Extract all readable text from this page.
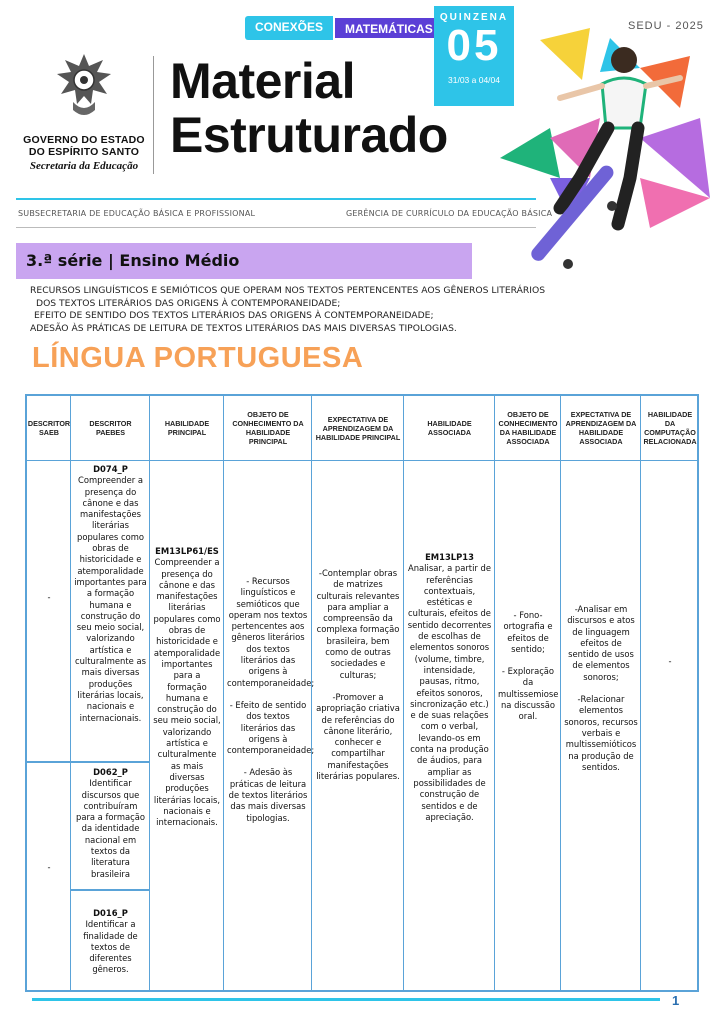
GOVERNO DO ESTADO
DO ESPÍRITO SANTO
Secretaria da Educação
CONEXÕES	MATEMÁTICAS
QUINZENA
05
31/03 a 04/04
Material
Estruturado
SEDU - 2025
SUBSECRETARIA DE EDUCAÇÃO BÁSICA E PROFISSIONAL	GERÊNCIA DE CURRÍCULO DA EDUCAÇÃO BÁSICA
3.ª série | Ensino Médio
RECURSOS LINGUÍSTICOS E SEMIÓTICOS QUE OPERAM NOS TEXTOS PERTENCENTES AOS GÊNEROS LITERÁRIOS
DOS TEXTOS LITERÁRIOS DAS ORIGENS À CONTEMPORANEIDADE;
EFEITO DE SENTIDO DOS TEXTOS LITERÁRIOS DAS ORIGENS À CONTEMPORANEIDADE;
ADESÃO ÀS PRÁTICAS DE LEITURA DE TEXTOS LITERÁRIOS DAS MAIS DIVERSAS TIPOLOGIAS.
LÍNGUA PORTUGUESA
DESCRITOR SAEB
DESCRITOR PAEBES
HABILIDADE PRINCIPAL
OBJETO DE CONHECIMENTO DA HABILIDADE PRINCIPAL
EXPECTATIVA DE APRENDIZAGEM DA HABILIDADE PRINCIPAL
HABILIDADE ASSOCIADA
OBJETO DE CONHECIMENTO DA HABILIDADE ASSOCIADA
EXPECTATIVA DE APRENDIZAGEM DA HABILIDADE ASSOCIADA
HABILIDADE DA COMPUTAÇÃO RELACIONADA
-
-
D074_P
Compreender a presença do cânone e das manifestações literárias populares como obras de historicidade e atemporalidade importantes para a formação humana e construção do seu meio social, valorizando artística e culturalmente as mais diversas produções literárias locais, nacionais e internacionais.
D062_P
Identificar discursos que contribuíram para a formação da identidade nacional em textos da literatura brasileira
D016_P
Identificar a finalidade de textos de diferentes gêneros.
EM13LP61/ES
Compreender a presença do cânone e das manifestações literárias populares como obras de historicidade e atemporalidade importantes para a formação humana e construção do seu meio social, valorizando artística e culturalmente as mais diversas produções literárias locais, nacionais e internacionais.
- Recursos linguísticos e semióticos que operam nos textos pertencentes aos gêneros literários dos textos literários das origens à contemporaneidade;
- Efeito de sentido dos textos literários das origens à contemporaneidade;
- Adesão às práticas de leitura de textos literários das mais diversas tipologias.
-Contemplar obras de matrizes culturais relevantes para ampliar a compreensão da complexa formação brasileira, bem como de outras sociedades e culturas;
-Promover a apropriação criativa de referências do cânone literário, conhecer e compartilhar manifestações literárias populares.
EM13LP13
Analisar, a partir de referências contextuais, estéticas e culturais, efeitos de sentido decorrentes de escolhas de elementos sonoros (volume, timbre, intensidade, pausas, ritmo, efeitos sonoros, sincronização etc.) e de suas relações com o verbal, levando-os em conta na produção de áudios, para ampliar as possibilidades de construção de sentidos e de apreciação.
- Fono-ortografia e efeitos de sentido;
- Exploração da multissemiose na discussão oral.
-Analisar em discursos e atos de linguagem efeitos de sentido de usos de elementos sonoros;
-Relacionar elementos sonoros, recursos verbais e multissemióticos na produção de sentidos.
-
1
